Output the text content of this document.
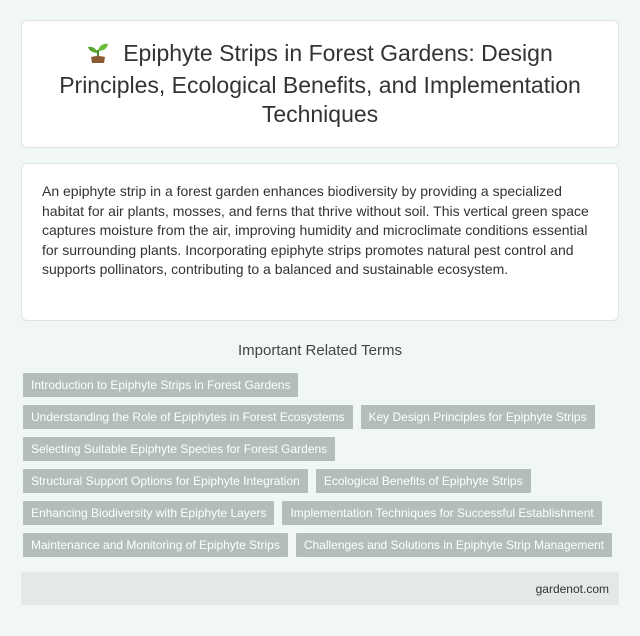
Epiphyte Strips in Forest Gardens: Design Principles, Ecological Benefits, and Implementation Techniques

An epiphyte strip in a forest garden enhances biodiversity by providing a specialized habitat for air plants, mosses, and ferns that thrive without soil. This vertical green space captures moisture from the air, improving humidity and microclimate conditions essential for surrounding plants. Incorporating epiphyte strips promotes natural pest control and supports pollinators, contributing to a balanced and sustainable ecosystem.

Important Related Terms
Introduction to Epiphyte Strips in Forest Gardens
Understanding the Role of Epiphytes in Forest Ecosystems	Key Design Principles for Epiphyte Strips
Selecting Suitable Epiphyte Species for Forest Gardens
Structural Support Options for Epiphyte Integration	Ecological Benefits of Epiphyte Strips
Enhancing Biodiversity with Epiphyte Layers	Implementation Techniques for Successful Establishment
Maintenance and Monitoring of Epiphyte Strips	Challenges and Solutions in Epiphyte Strip Management
gardenot.com
